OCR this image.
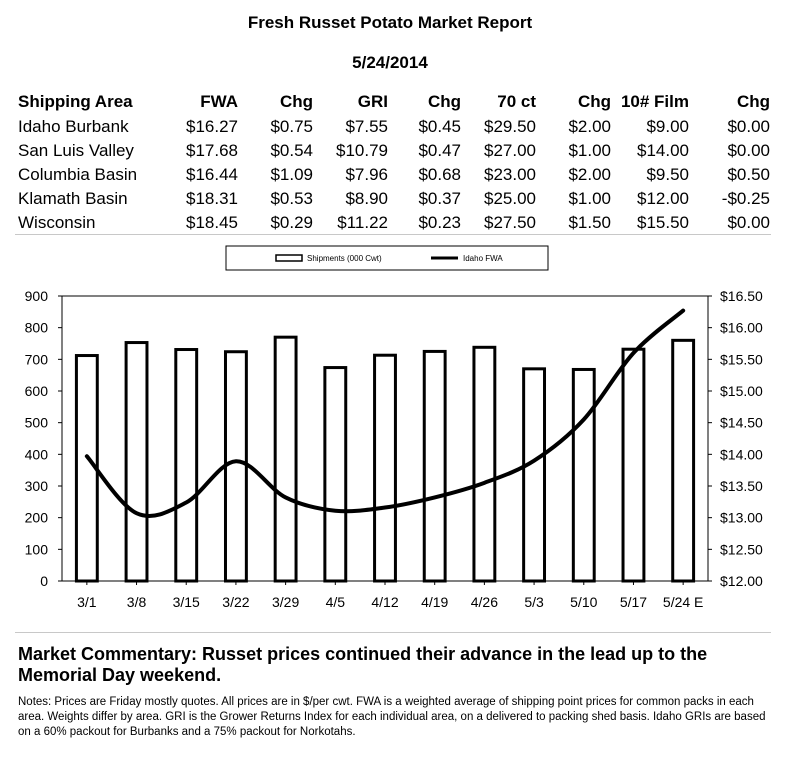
Fresh Russet Potato Market Report
5/24/2014
Shipping Area	FWA	Chg	GRI	Chg	70 ct	Chg	10# Film	Chg
Idaho Burbank	$16.27	$0.75	$7.55	$0.45	$29.50	$2.00	$9.00	$0.00
San Luis Valley	$17.68	$0.54	$10.79	$0.47	$27.00	$1.00	$14.00	$0.00
Columbia Basin	$16.44	$1.09	$7.96	$0.68	$23.00	$2.00	$9.50	$0.50
Klamath Basin	$18.31	$0.53	$8.90	$0.37	$25.00	$1.00	$12.00	-$0.25
Wisconsin	$18.45	$0.29	$11.22	$0.23	$27.50	$1.50	$15.50	$0.00
Shipments (000 Cwt)	Idaho FWA
0
100
200
300
400
500
600
700
800
900
$12.00
$12.50
$13.00
$13.50
$14.00
$14.50
$15.00
$15.50
$16.00
$16.50
3/1 3/8 3/15 3/22 3/29 4/5 4/12 4/19 4/26 5/3 5/10 5/17 5/24 E
Market Commentary: Russet prices continued their advance in the lead up to the Memorial Day weekend.
Notes: Prices are Friday mostly quotes. All prices are in $/per cwt. FWA is a weighted average of shipping point prices for common packs in each area. Weights differ by area. GRI is the Grower Returns Index for each individual area, on a delivered to packing shed basis. Idaho GRIs are based on a 60% packout for Burbanks and a 75% packout for Norkotahs.
